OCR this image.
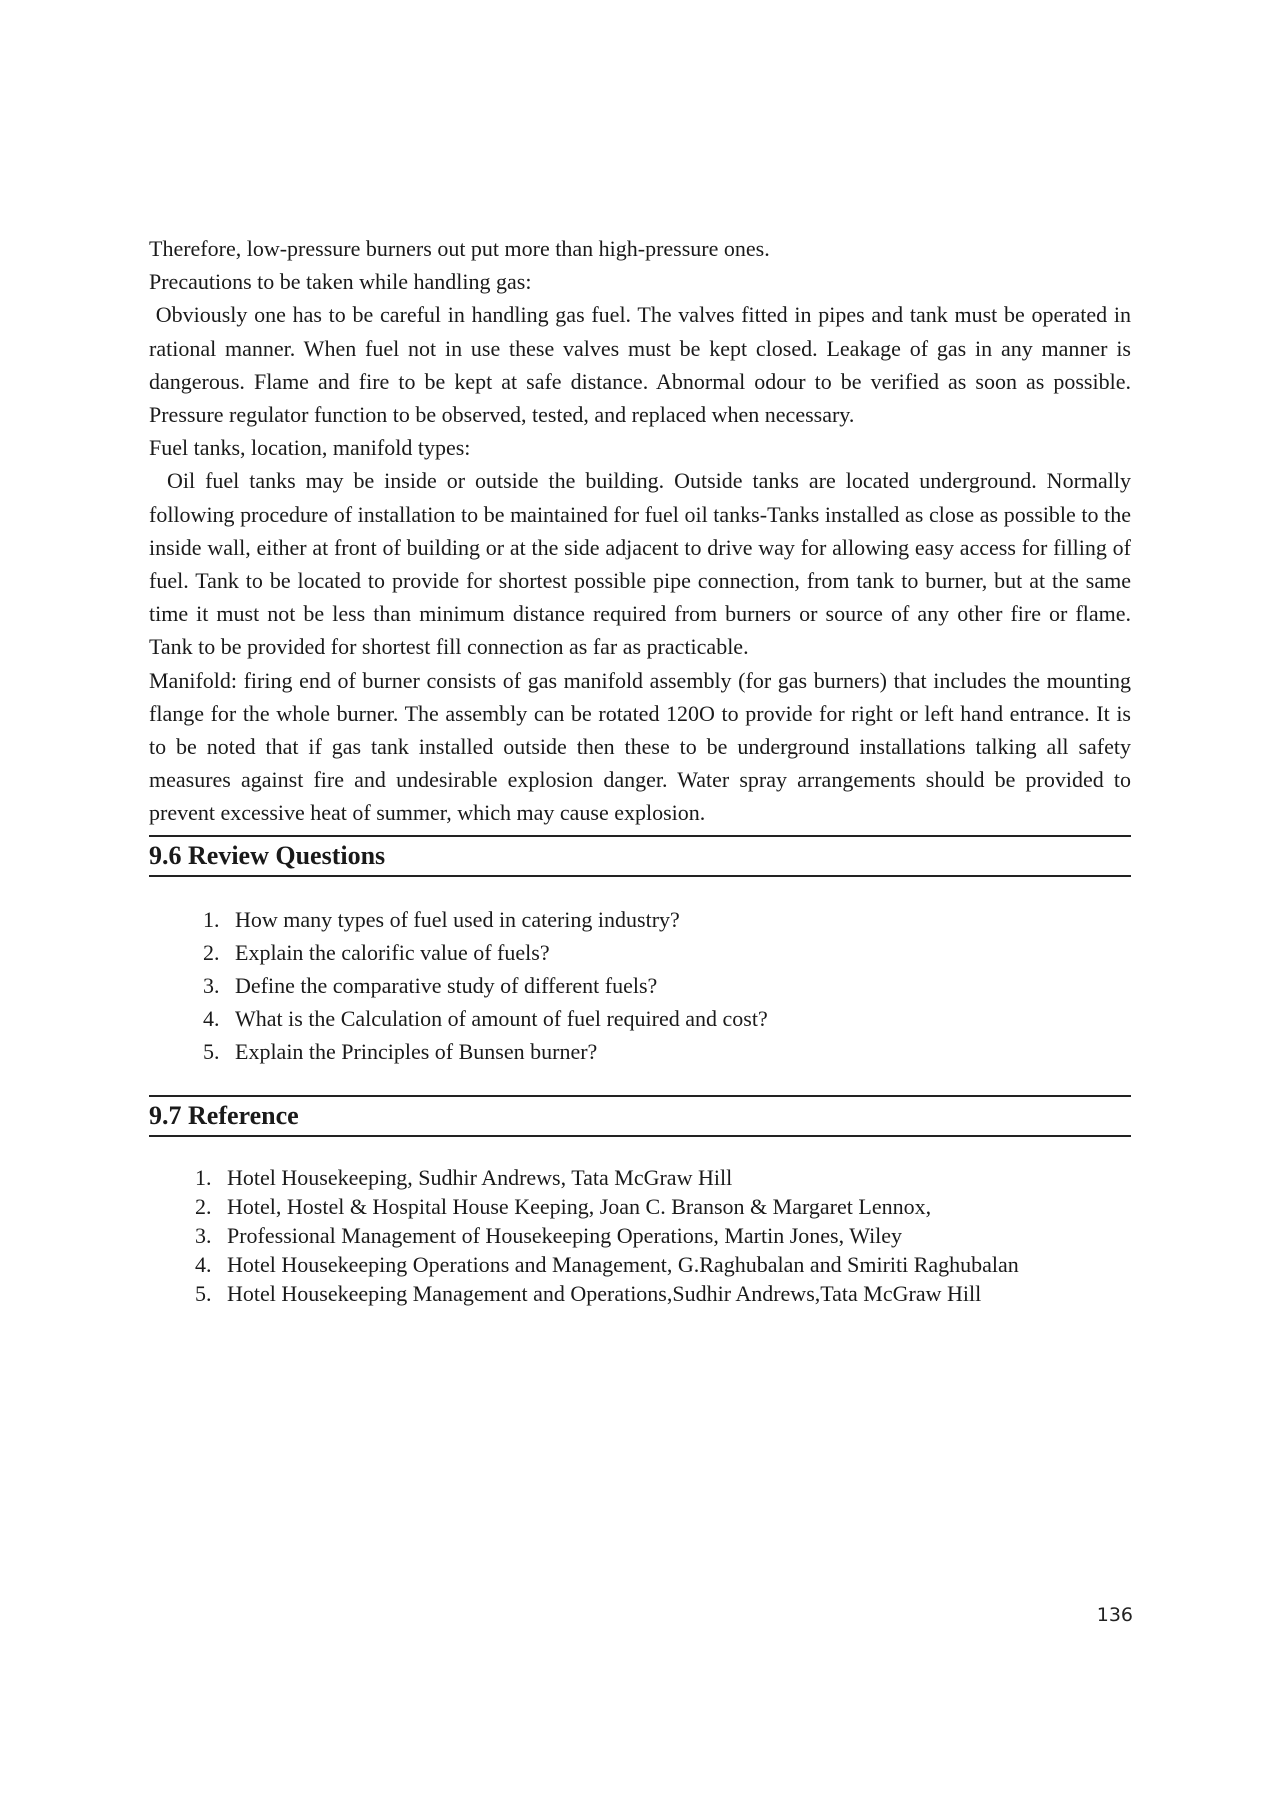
Therefore, low-pressure burners out put more than high-pressure ones.

Precautions to be taken while handling gas:

Obviously one has to be careful in handling gas fuel. The valves fitted in pipes and tank must be operated in rational manner. When fuel not in use these valves must be kept closed. Leakage of gas in any manner is dangerous. Flame and fire to be kept at safe distance. Abnormal odour to be verified as soon as possible. Pressure regulator function to be observed, tested, and replaced when necessary.

Fuel tanks, location, manifold types:

Oil fuel tanks may be inside or outside the building. Outside tanks are located underground. Normally following procedure of installation to be maintained for fuel oil tanks-Tanks installed as close as possible to the inside wall, either at front of building or at the side adjacent to drive way for allowing easy access for filling of fuel. Tank to be located to provide for shortest possible pipe connection, from tank to burner, but at the same time it must not be less than minimum distance required from burners or source of any other fire or flame. Tank to be provided for shortest fill connection as far as practicable.

Manifold: firing end of burner consists of gas manifold assembly (for gas burners) that includes the mounting flange for the whole burner. The assembly can be rotated 120O to provide for right or left hand entrance. It is to be noted that if gas tank installed outside then these to be underground installations talking all safety measures against fire and undesirable explosion danger. Water spray arrangements should be provided to prevent excessive heat of summer, which may cause explosion.

9.6 Review Questions
1. How many types of fuel used in catering industry?
2. Explain the calorific value of fuels?
3. Define the comparative study of different fuels?
4. What is the Calculation of amount of fuel required and cost?
5. Explain the Principles of Bunsen burner?
9.7 Reference
1. Hotel Housekeeping, Sudhir Andrews, Tata McGraw Hill
2. Hotel, Hostel & Hospital House Keeping, Joan C. Branson & Margaret Lennox,
3. Professional Management of Housekeeping Operations, Martin Jones, Wiley
4. Hotel Housekeeping Operations and Management, G.Raghubalan and Smiriti Raghubalan
5. Hotel Housekeeping Management and Operations,Sudhir Andrews,Tata McGraw Hill
136
